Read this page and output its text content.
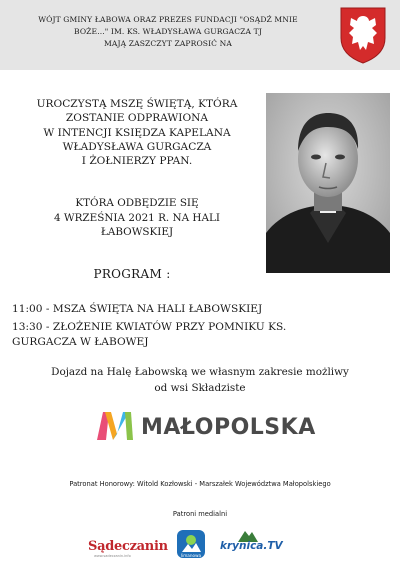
WÓJT GMINY ŁABOWA ORAZ PREZES FUNDACJI "OSĄDŹ MNIE
BOŻE..." IM. KS. WŁADYSŁAWA GURGACZA TJ
MAJĄ ZASZCZYT ZAPROSIĆ NA
UROCZYSTĄ MSZĘ ŚWIĘTĄ, KTÓRA
ZOSTANIE ODPRAWIONA
W INTENCJI KSIĘDZA KAPELANA
WŁADYSŁAWA GURGACZA
I ŻOŁNIERZY PPAN.
KTÓRA ODBĘDZIE SIĘ
4 WRZEŚNIA 2021 R. NA HALI
ŁABOWSKIEJ
PROGRAM :
11:00 - MSZA ŚWIĘTA NA HALI ŁABOWSKIEJ
13:30 - ZŁOŻENIE KWIATÓW PRZY POMNIKU KS.
GURGACZA W ŁABOWEJ
Dojazd na Halę Łabowską we własnym zakresie możliwy
od wsi Składziste
MAŁOPOLSKA
Patronat Honorowy: Witold Kozłowski - Marszałek Województwa Małopolskiego
Patroni medialni
Sądeczanin
www.sadeczanin.info	limanowa
krynica.TV
